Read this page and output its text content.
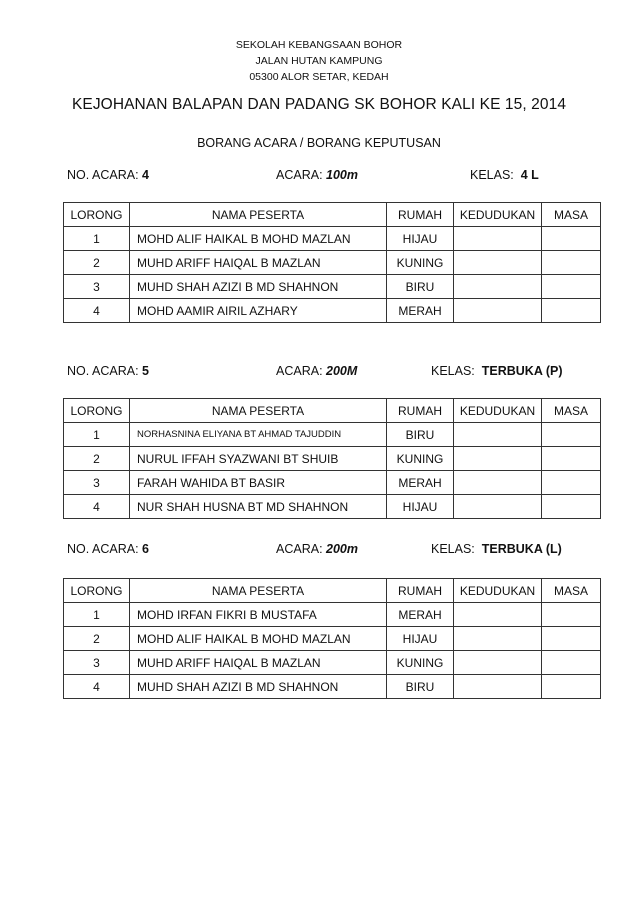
SEKOLAH KEBANGSAAN BOHOR
JALAN HUTAN KAMPUNG
05300 ALOR SETAR, KEDAH
KEJOHANAN BALAPAN DAN PADANG SK BOHOR KALI KE 15, 2014
BORANG ACARA / BORANG KEPUTUSAN
NO. ACARA: 4	ACARA: 100m	KELAS: 4 L
LORONG	NAMA PESERTA	RUMAH	KEDUDUKAN	MASA
1	MOHD ALIF HAIKAL B MOHD MAZLAN	HIJAU		
2	MUHD ARIFF HAIQAL B MAZLAN	KUNING		
3	MUHD SHAH AZIZI B MD SHAHNON	BIRU		
4	MOHD AAMIR AIRIL AZHARY	MERAH		
NO. ACARA: 5	ACARA: 200M	KELAS: TERBUKA (P)
LORONG	NAMA PESERTA	RUMAH	KEDUDUKAN	MASA
1	NORHASNINA ELIYANA BT AHMAD TAJUDDIN	BIRU		
2	NURUL IFFAH SYAZWANI BT SHUIB	KUNING		
3	FARAH WAHIDA BT BASIR	MERAH		
4	NUR SHAH HUSNA BT MD SHAHNON	HIJAU		
NO. ACARA: 6	ACARA: 200m	KELAS: TERBUKA (L)
LORONG	NAMA PESERTA	RUMAH	KEDUDUKAN	MASA
1	MOHD IRFAN FIKRI B MUSTAFA	MERAH		
2	MOHD ALIF HAIKAL B MOHD MAZLAN	HIJAU		
3	MUHD ARIFF HAIQAL B MAZLAN	KUNING		
4	MUHD SHAH AZIZI B MD SHAHNON	BIRU		
